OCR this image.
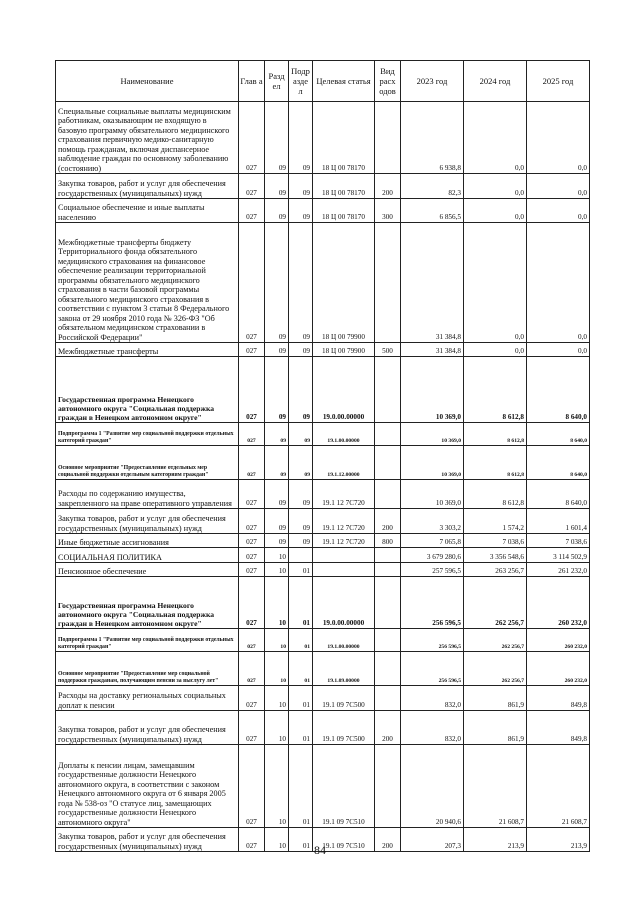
Наименование	Глав а	Разд ел	Подр азде л	Целевая статья	Вид расх одов	2023 год	2024 год	2025 год
Специальные социальные выплаты медицинским работникам, оказывающим не входящую в базовую программу обязательного медицинского страхования первичную медико-санитарную помощь гражданам, включая диспансерное наблюдение граждан по основному заболеванию (состоянию)	027	09	09	18 Ц 00 78170		6 938,8	0,0	0,0
Закупка товаров, работ и услуг для обеспечения государственных (муниципальных) нужд	027	09	09	18 Ц 00 78170	200	82,3	0,0	0,0
Социальное обеспечение и иные выплаты населению	027	09	09	18 Ц 00 78170	300	6 856,5	0,0	0,0
Межбюджетные трансферты бюджету Территориального фонда обязательного медицинского страхования на финансовое обеспечение реализации территориальной программы обязательного медицинского страхования в части базовой программы обязательного медицинского страхования в соответствии с пунктом 3 статьи 8 Федерального закона от 29 ноября 2010 года № 326-ФЗ "Об обязательном медицинском страховании в Российской Федерации"	027	09	09	18 Ц 00 79900		31 384,8	0,0	0,0
Межбюджетные трансферты	027	09	09	18 Ц 00 79900	500	31 384,8	0,0	0,0
Государственная программа Ненецкого автономного округа "Социальная поддержка граждан в Ненецком автономном округе"	027	09	09	19.0.00.00000		10 369,0	8 612,8	8 640,0
Подпрограмма 1 "Развитие мер социальной поддержки отдельных категорий граждан"	027	09	09	19.1.00.00000		10 369,0	8 612,8	8 640,0
Основное мероприятие "Предоставление отдельных мер социальной поддержки отдельным категориям граждан"	027	09	09	19.1.12.00000		10 369,0	8 612,8	8 640,0
Расходы по содержанию имущества, закрепленного на праве оперативного управления	027	09	09	19.1 12 7С720		10 369,0	8 612,8	8 640,0
Закупка товаров, работ и услуг для обеспечения государственных (муниципальных) нужд	027	09	09	19.1 12 7С720	200	3 303,2	1 574,2	1 601,4
Иные бюджетные ассигнования	027	09	09	19.1 12 7С720	800	7 065,8	7 038,6	7 038,6
СОЦИАЛЬНАЯ ПОЛИТИКА	027	10				3 679 280,6	3 356 548,6	3 114 502,9
Пенсионное обеспечение	027	10	01			257 596,5	263 256,7	261 232,0
Государственная программа Ненецкого автономного округа "Социальная поддержка граждан в Ненецком автономном округе"	027	10	01	19.0.00.00000		256 596,5	262 256,7	260 232,0
Подпрограмма 1 "Развитие мер социальной поддержки отдельных категорий граждан"	027	10	01	19.1.00.00000		256 596,5	262 256,7	260 232,0
Основное мероприятие "Предоставление мер социальной поддержки гражданам, получающим пенсии за выслугу лет"	027	10	01	19.1.09.00000		256 596,5	262 256,7	260 232,0
Расходы на доставку региональных социальных доплат к пенсии	027	10	01	19.1 09 7С500		832,0	861,9	849,8
Закупка товаров, работ и услуг для обеспечения государственных (муниципальных) нужд	027	10	01	19.1 09 7С500	200	832,0	861,9	849,8
Доплаты к пенсии лицам, замещавшим государственные должности Ненецкого автономного округа, в соответствии с законом Ненецкого автономного округа от 6 января 2005 года № 538-оз "О статусе лиц, замещающих государственные должности Ненецкого автономного округа"	027	10	01	19.1 09 7С510		20 940,6	21 608,7	21 608,7
Закупка товаров, работ и услуг для обеспечения государственных (муниципальных) нужд	027	10	01	19.1 09 7С510	200	207,3	213,9	213,9
84
